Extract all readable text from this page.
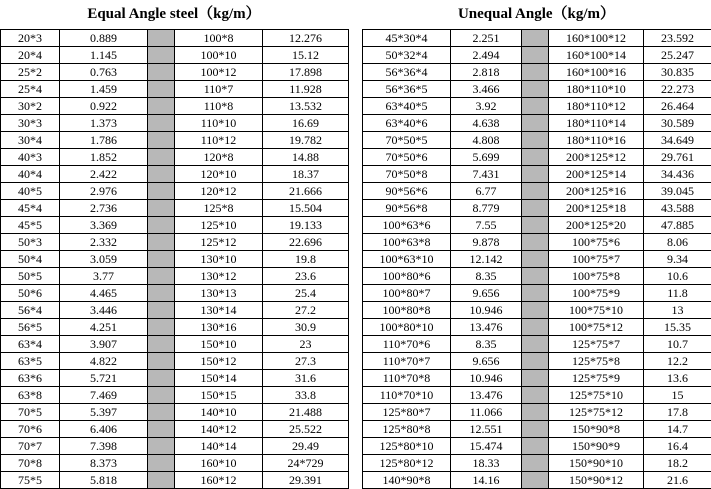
Equal Angle steel（kg/m）
20*3	0.889		100*8	12.276
20*4	1.145		100*10	15.12
25*2	0.763		100*12	17.898
25*4	1.459		110*7	11.928
30*2	0.922		110*8	13.532
30*3	1.373		110*10	16.69
30*4	1.786		110*12	19.782
40*3	1.852		120*8	14.88
40*4	2.422		120*10	18.37
40*5	2.976		120*12	21.666
45*4	2.736		125*8	15.504
45*5	3.369		125*10	19.133
50*3	2.332		125*12	22.696
50*4	3.059		130*10	19.8
50*5	3.77		130*12	23.6
50*6	4.465		130*13	25.4
56*4	3.446		130*14	27.2
56*5	4.251		130*16	30.9
63*4	3.907		150*10	23
63*5	4.822		150*12	27.3
63*6	5.721		150*14	31.6
63*8	7.469		150*15	33.8
70*5	5.397		140*10	21.488
70*6	6.406		140*12	25.522
70*7	7.398		140*14	29.49
70*8	8.373		160*10	24*729
75*5	5.818		160*12	29.391
Unequal Angle（kg/m）
45*30*4	2.251		160*100*12	23.592
50*32*4	2.494		160*100*14	25.247
56*36*4	2.818		160*100*16	30.835
56*36*5	3.466		180*110*10	22.273
63*40*5	3.92		180*110*12	26.464
63*40*6	4.638		180*110*14	30.589
70*50*5	4.808		180*110*16	34.649
70*50*6	5.699		200*125*12	29.761
70*50*8	7.431		200*125*14	34.436
90*56*6	6.77		200*125*16	39.045
90*56*8	8.779		200*125*18	43.588
100*63*6	7.55		200*125*20	47.885
100*63*8	9.878		100*75*6	8.06
100*63*10	12.142		100*75*7	9.34
100*80*6	8.35		100*75*8	10.6
100*80*7	9.656		100*75*9	11.8
100*80*8	10.946		100*75*10	13
100*80*10	13.476		100*75*12	15.35
110*70*6	8.35		125*75*7	10.7
110*70*7	9.656		125*75*8	12.2
110*70*8	10.946		125*75*9	13.6
110*70*10	13.476		125*75*10	15
125*80*7	11.066		125*75*12	17.8
125*80*8	12.551		150*90*8	14.7
125*80*10	15.474		150*90*9	16.4
125*80*12	18.33		150*90*10	18.2
140*90*8	14.16		150*90*12	21.6
